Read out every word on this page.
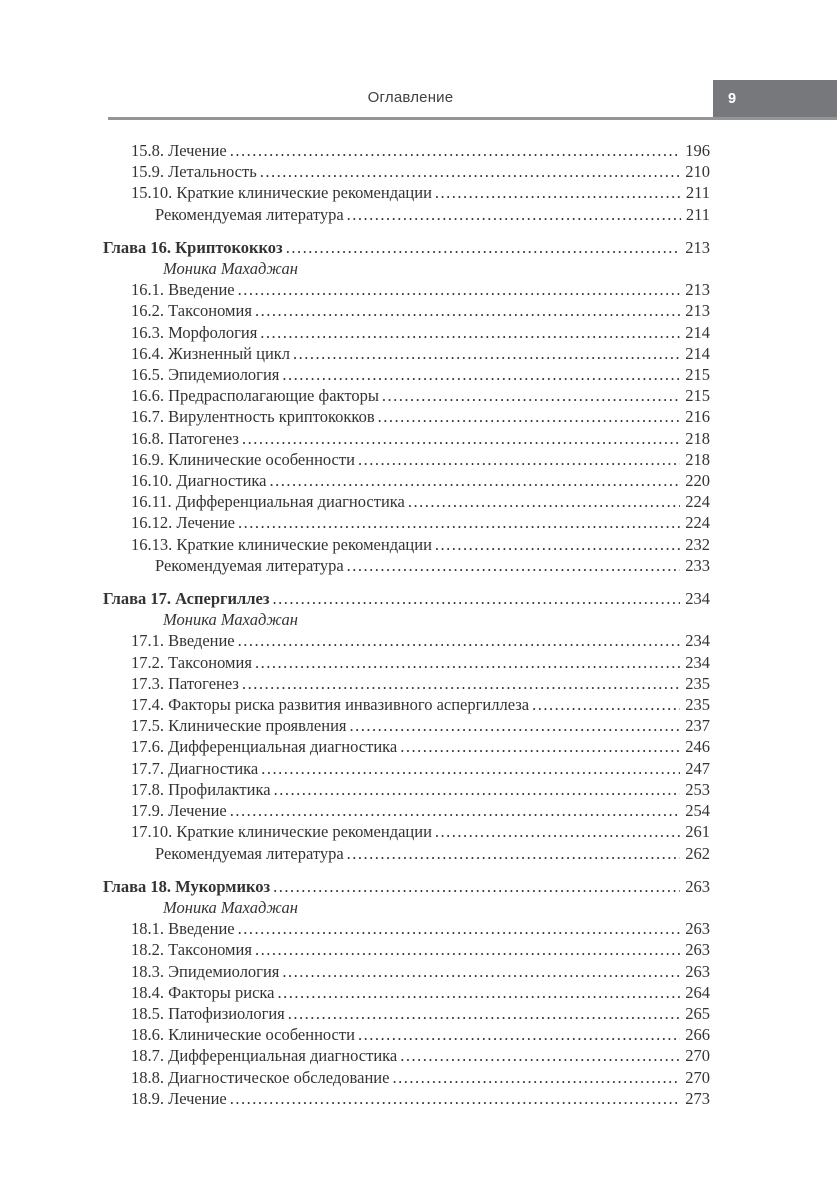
Оглавление	9
15.8. Лечение .....	196
15.9. Летальность .....	210
15.10. Краткие клинические рекомендации .....	211
Рекомендуемая литература .....	211
Глава 16. Криптококкоз .....	213
Моника Махаджан
16.1. Введение .....	213
16.2. Таксономия .....	213
16.3. Морфология .....	214
16.4. Жизненный цикл .....	214
16.5. Эпидемиология .....	215
16.6. Предрасполагающие факторы .....	215
16.7. Вирулентность криптококков .....	216
16.8. Патогенез .....	218
16.9. Клинические особенности .....	218
16.10. Диагностика .....	220
16.11. Дифференциальная диагностика .....	224
16.12. Лечение .....	224
16.13. Краткие клинические рекомендации .....	232
Рекомендуемая литература .....	233
Глава 17. Аспергиллез .....	234
Моника Махаджан
17.1. Введение .....	234
17.2. Таксономия .....	234
17.3. Патогенез .....	235
17.4. Факторы риска развития инвазивного аспергиллеза .....	235
17.5. Клинические проявления .....	237
17.6. Дифференциальная диагностика .....	246
17.7. Диагностика .....	247
17.8. Профилактика .....	253
17.9. Лечение .....	254
17.10. Краткие клинические рекомендации .....	261
Рекомендуемая литература .....	262
Глава 18. Мукормикоз .....	263
Моника Махаджан
18.1. Введение .....	263
18.2. Таксономия .....	263
18.3. Эпидемиология .....	263
18.4. Факторы риска .....	264
18.5. Патофизиология .....	265
18.6. Клинические особенности .....	266
18.7. Дифференциальная диагностика .....	270
18.8. Диагностическое обследование .....	270
18.9. Лечение .....	273
